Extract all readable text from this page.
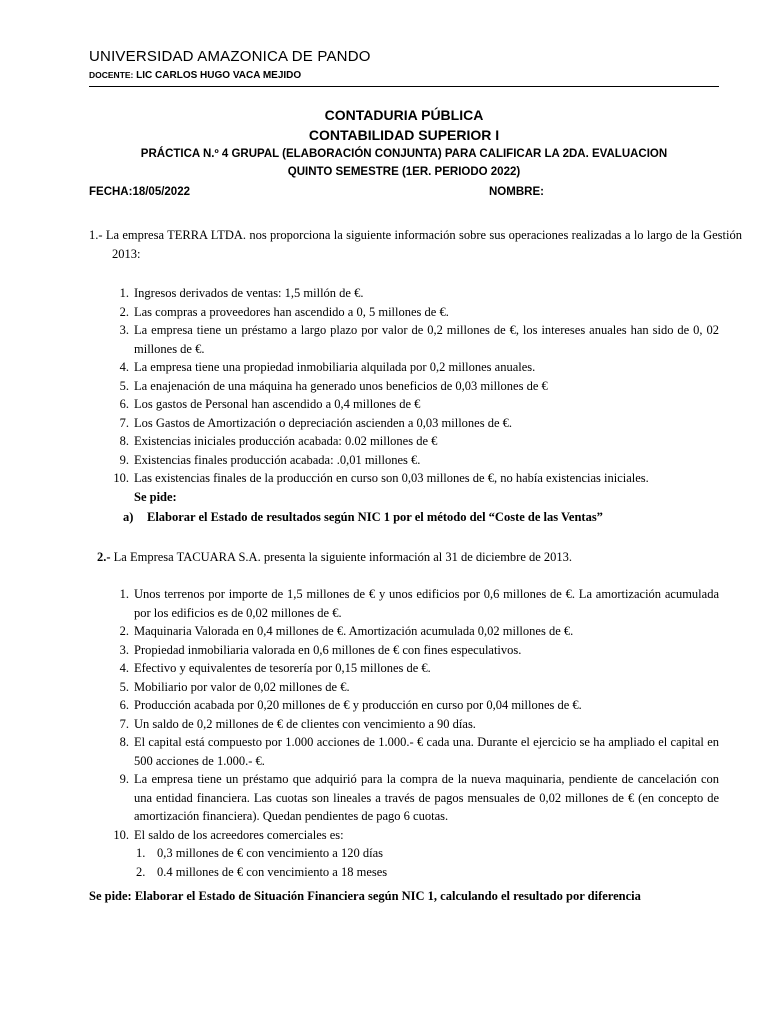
UNIVERSIDAD AMAZONICA DE PANDO
DOCENTE: LIC CARLOS HUGO VACA MEJIDO
CONTADURIA PÚBLICA
CONTABILIDAD SUPERIOR I
PRÁCTICA N.º 4 GRUPAL (ELABORACIÓN CONJUNTA) PARA CALIFICAR LA 2DA. EVALUACION
QUINTO SEMESTRE (1ER. PERIODO 2022)
FECHA:18/05/2022	NOMBRE:
1.- La empresa TERRA LTDA. nos proporciona la siguiente información sobre sus operaciones realizadas a lo largo de la Gestión 2013:
1. Ingresos derivados de ventas: 1,5 millón de €.
2. Las compras a proveedores han ascendido a 0, 5 millones de €.
3. La empresa tiene un préstamo a largo plazo por valor de 0,2 millones de €, los intereses anuales han sido de 0, 02 millones de €.
4. La empresa tiene una propiedad inmobiliaria alquilada por 0,2 millones anuales.
5. La enajenación de una máquina ha generado unos beneficios de 0,03 millones de €
6. Los gastos de Personal han ascendido a 0,4 millones de €
7. Los Gastos de Amortización o depreciación ascienden a 0,03 millones de €.
8. Existencias iniciales producción acabada: 0.02 millones de €
9. Existencias finales producción acabada: .0,01 millones €.
10. Las existencias finales de la producción en curso son 0,03 millones de €, no había existencias iniciales.
Se pide:
a) Elaborar el Estado de resultados según NIC 1 por el método del “Coste de las Ventas”
2.- La Empresa TACUARA S.A. presenta la siguiente información al 31 de diciembre de 2013.
1. Unos terrenos por importe de 1,5 millones de € y unos edificios por 0,6 millones de €. La amortización acumulada por los edificios es de 0,02 millones de €.
2. Maquinaria Valorada en 0,4 millones de €. Amortización acumulada 0,02 millones de €.
3. Propiedad inmobiliaria valorada en 0,6 millones de € con fines especulativos.
4. Efectivo y equivalentes de tesorería por 0,15 millones de €.
5. Mobiliario por valor de 0,02 millones de €.
6. Producción acabada por 0,20 millones de € y producción en curso por 0,04 millones de €.
7. Un saldo de 0,2 millones de € de clientes con vencimiento a 90 días.
8. El capital está compuesto por 1.000 acciones de 1.000.- € cada una. Durante el ejercicio se ha ampliado el capital en 500 acciones de 1.000.- €.
9. La empresa tiene un préstamo que adquirió para la compra de la nueva maquinaria, pendiente de cancelación con una entidad financiera. Las cuotas son lineales a través de pagos mensuales de 0,02 millones de € (en concepto de amortización financiera). Quedan pendientes de pago 6 cuotas.
10. El saldo de los acreedores comerciales es:
1. 0,3 millones de € con vencimiento a 120 días
2. 0.4 millones de € con vencimiento a 18 meses
Se pide: Elaborar el Estado de Situación Financiera según NIC 1, calculando el resultado por diferencia
